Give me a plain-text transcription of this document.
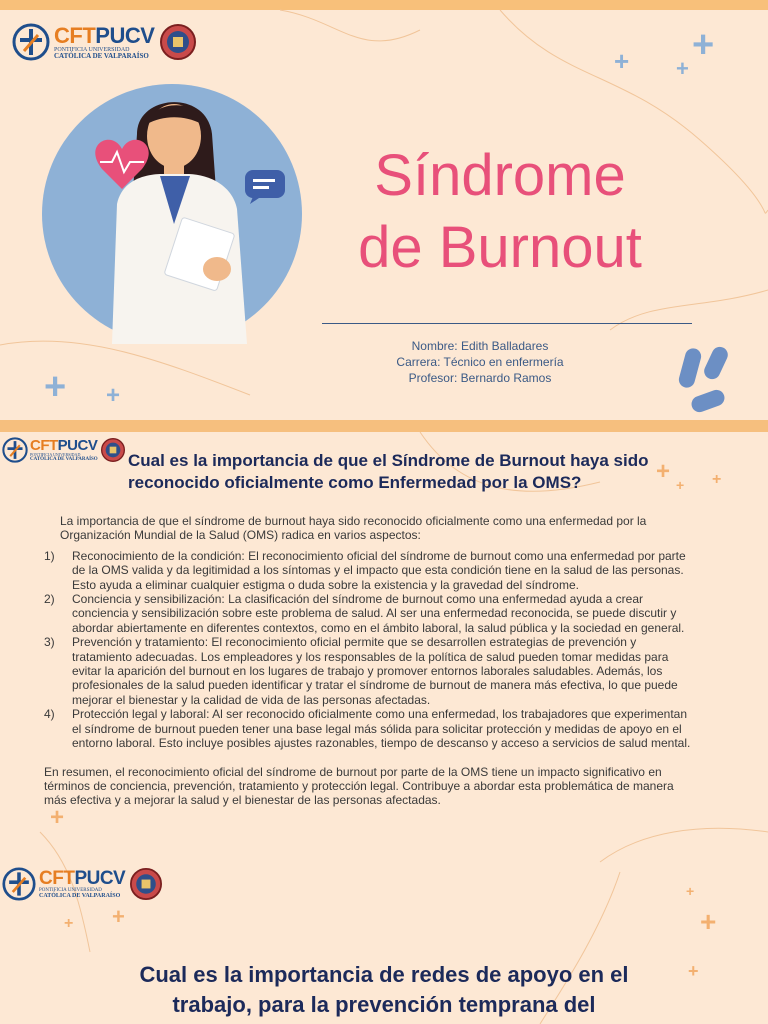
CFTPUCV
PONTIFICIA UNIVERSIDAD
CATÓLICA DE VALPARAÍSO	+
+ +
+ +
Síndrome
de Burnout
Nombre: Edith Balladares
Carrera: Técnico en enfermería
Profesor: Bernardo Ramos
CFTPUCV
PONTIFICIA UNIVERSIDAD
CATÓLICA DE VALPARAÍSO	+ + +
Cual es la importancia de que el Síndrome de Burnout haya sido reconocido oficialmente como Enfermedad por la OMS?

La importancia de que el síndrome de burnout haya sido reconocido oficialmente como una enfermedad por la Organización Mundial de la Salud (OMS) radica en varios aspectos:

1) Reconocimiento de la condición: El reconocimiento oficial del síndrome de burnout como una enfermedad por parte de la OMS valida y da legitimidad a los síntomas y el impacto que esta condición tiene en la salud de las personas. Esto ayuda a eliminar cualquier estigma o duda sobre la existencia y la gravedad del síndrome.
2) Conciencia y sensibilización: La clasificación del síndrome de burnout como una enfermedad ayuda a crear conciencia y sensibilización sobre este problema de salud. Al ser una enfermedad reconocida, se puede discutir y abordar abiertamente en diferentes contextos, como en el ámbito laboral, la salud pública y la sociedad en general.
3) Prevención y tratamiento: El reconocimiento oficial permite que se desarrollen estrategias de prevención y tratamiento adecuadas. Los empleadores y los responsables de la política de salud pueden tomar medidas para evitar la aparición del burnout en los lugares de trabajo y promover entornos laborales saludables. Además, los profesionales de la salud pueden identificar y tratar el síndrome de burnout de manera más efectiva, lo que puede mejorar el bienestar y la calidad de vida de las personas afectadas.
4) Protección legal y laboral: Al ser reconocido oficialmente como una enfermedad, los trabajadores que experimentan el síndrome de burnout pueden tener una base legal más sólida para solicitar protección y medidas de apoyo en el entorno laboral. Esto incluye posibles ajustes razonables, tiempo de descanso y acceso a servicios de salud mental.

En resumen, el reconocimiento oficial del síndrome de burnout por parte de la OMS tiene un impacto significativo en términos de conciencia, prevención, tratamiento y protección legal. Contribuye a abordar esta problemática de manera más efectiva y a mejorar la salud y el bienestar de las personas afectadas.

CFTPUCV
PONTIFICIA UNIVERSIDAD
CATÓLICA DE VALPARAÍSO
+
+
+
+
+
+
Cual es la importancia de redes de apoyo en el
trabajo, para la prevención temprana del
